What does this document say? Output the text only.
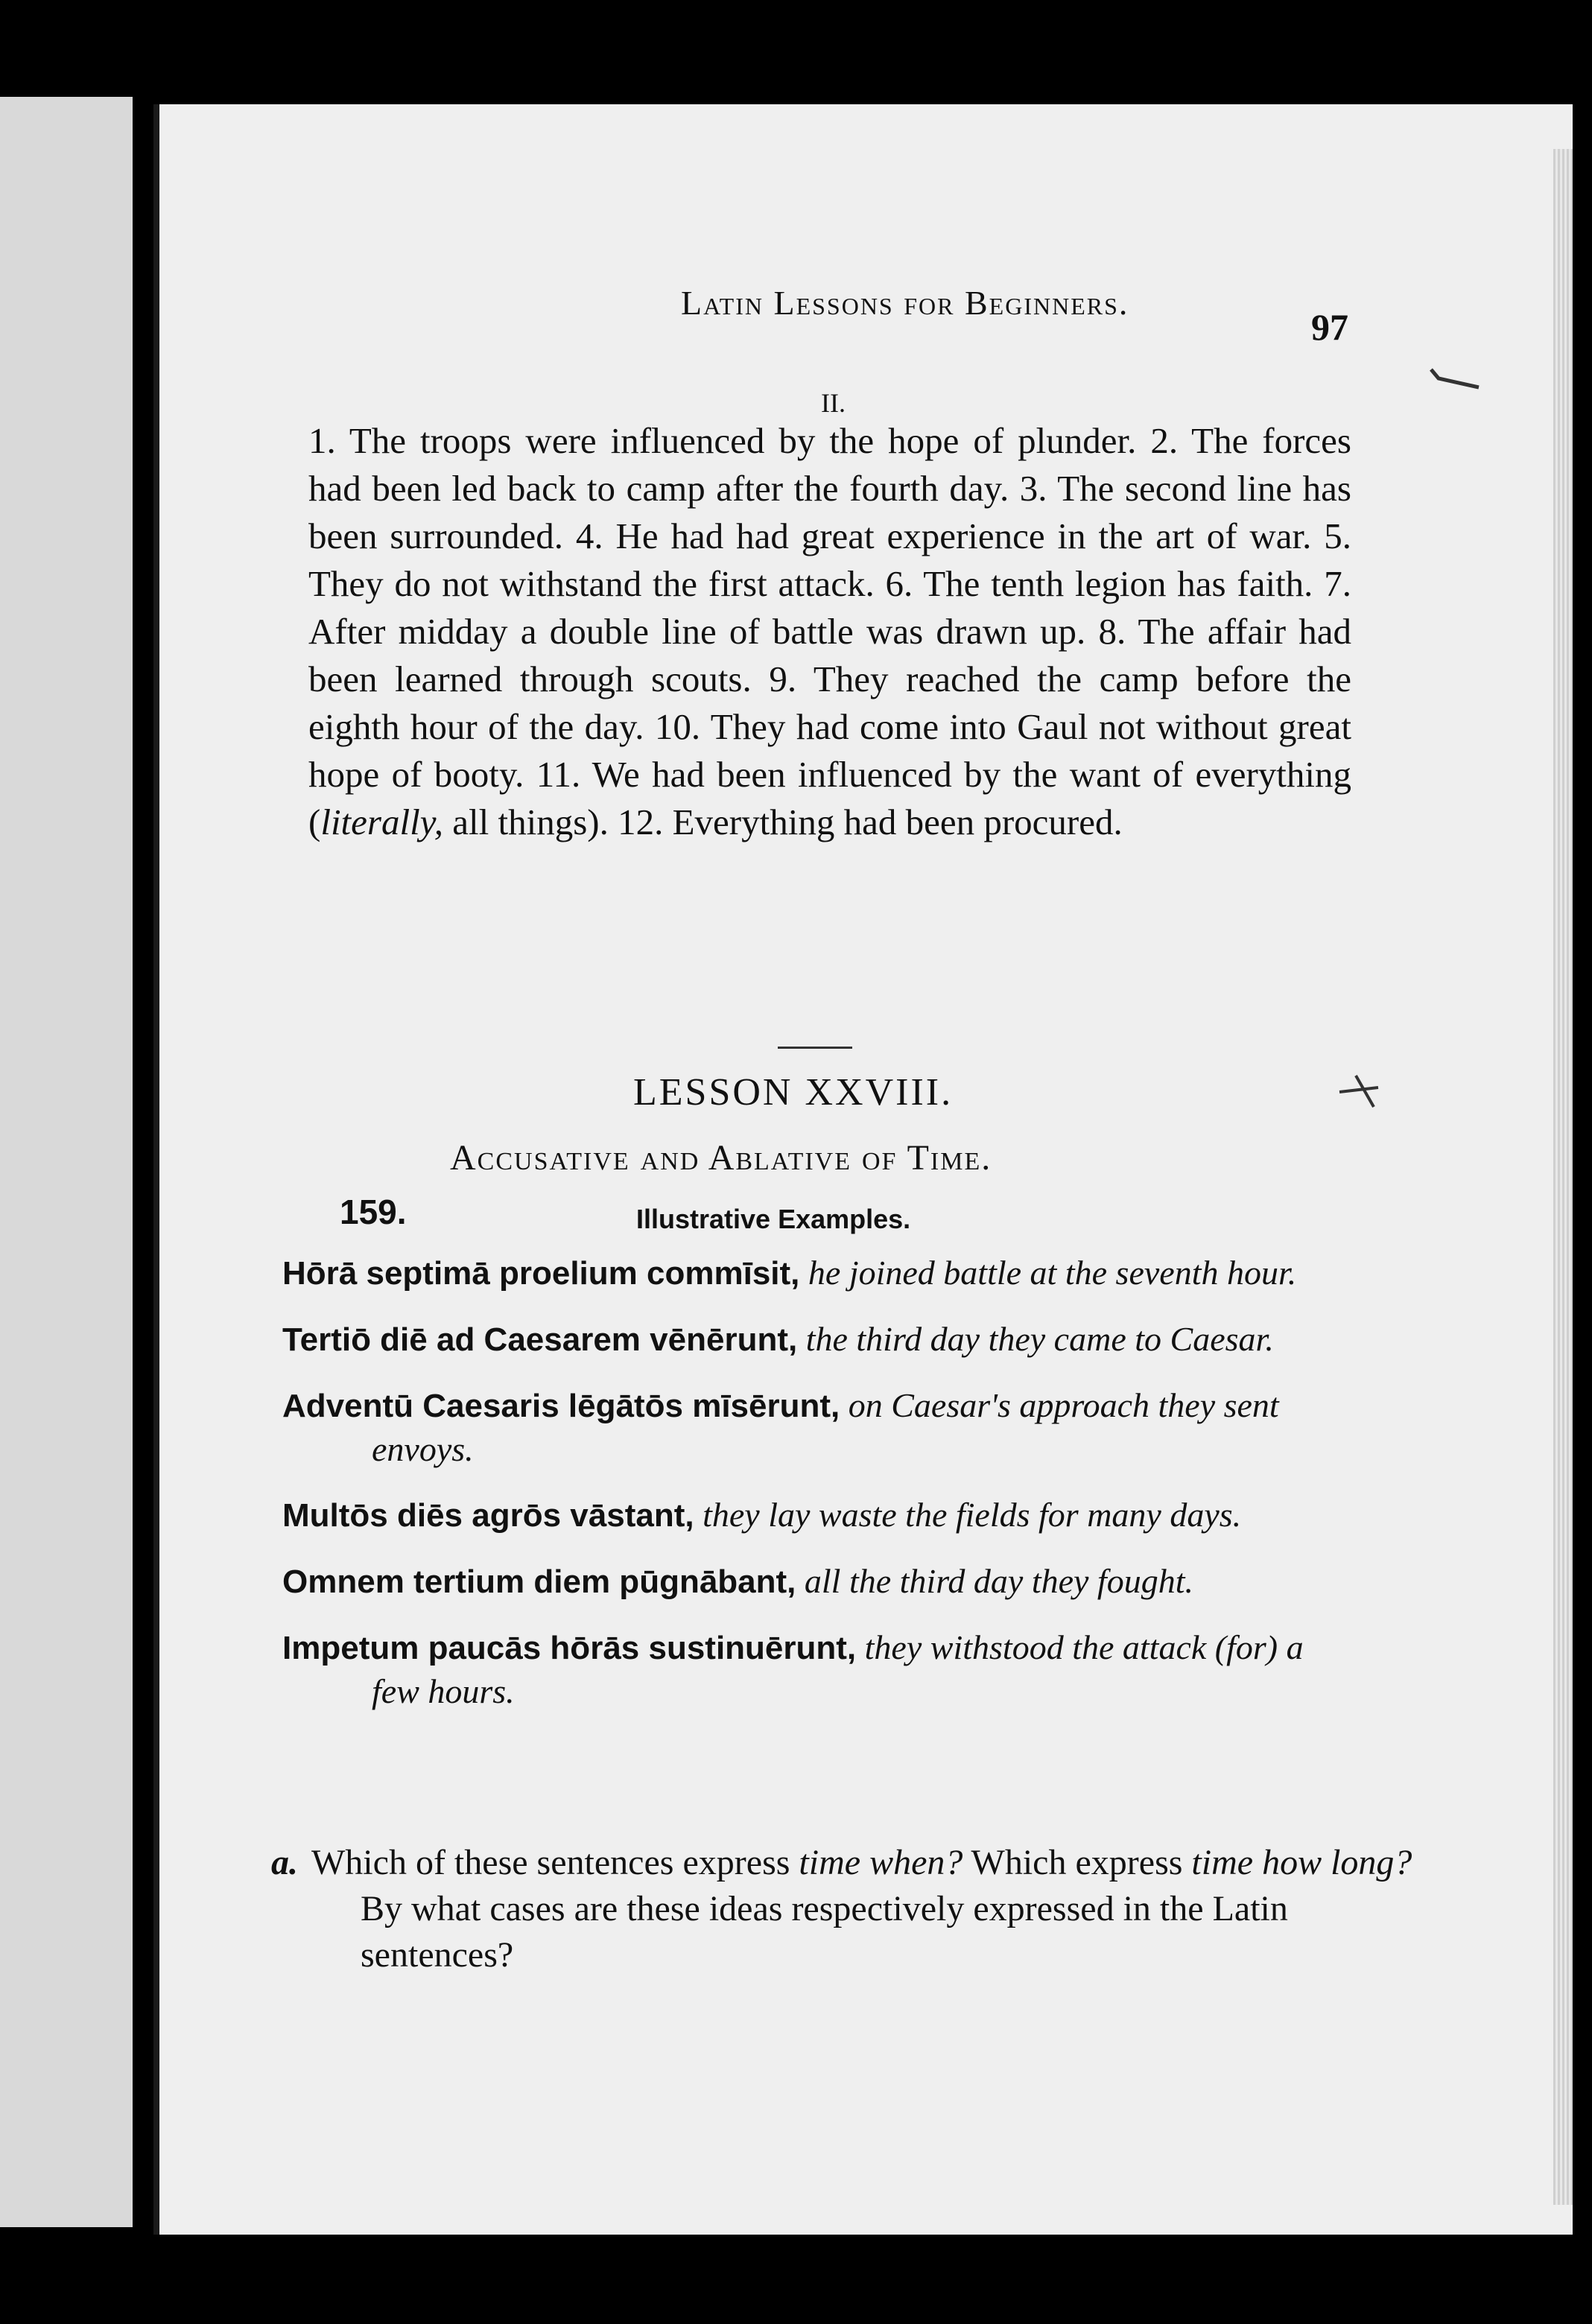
Latin Lessons for Beginners.
97
II.

1. The troops were influenced by the hope of plunder. 2. The forces had been led back to camp after the fourth day. 3. The second line has been surrounded. 4. He had had great experience in the art of war. 5. They do not withstand the first attack. 6. The tenth legion has faith. 7. After midday a double line of battle was drawn up. 8. The affair had been learned through scouts. 9. They reached the camp before the eighth hour of the day. 10. They had come into Gaul not without great hope of booty. 11. We had been influenced by the want of everything (literally, all things). 12. Everything had been procured.

LESSON XXVIII.
Accusative and Ablative of Time.
159.	Illustrative Examples.
Hōrā septimā proelium commīsit, he joined battle at the seventh hour.
Tertiō diē ad Caesarem vēnērunt, the third day they came to Caesar.
Adventū Caesaris lēgātōs mīsērunt, on Caesar's approach they sent envoys.
Multōs diēs agrōs vāstant, they lay waste the fields for many days.
Omnem tertium diem pūgnābant, all the third day they fought.
Impetum paucās hōrās sustinuērunt, they withstood the attack (for) a few hours.

a. Which of these sentences express time when? Which express time how long? By what cases are these ideas respectively expressed in the Latin sentences?
